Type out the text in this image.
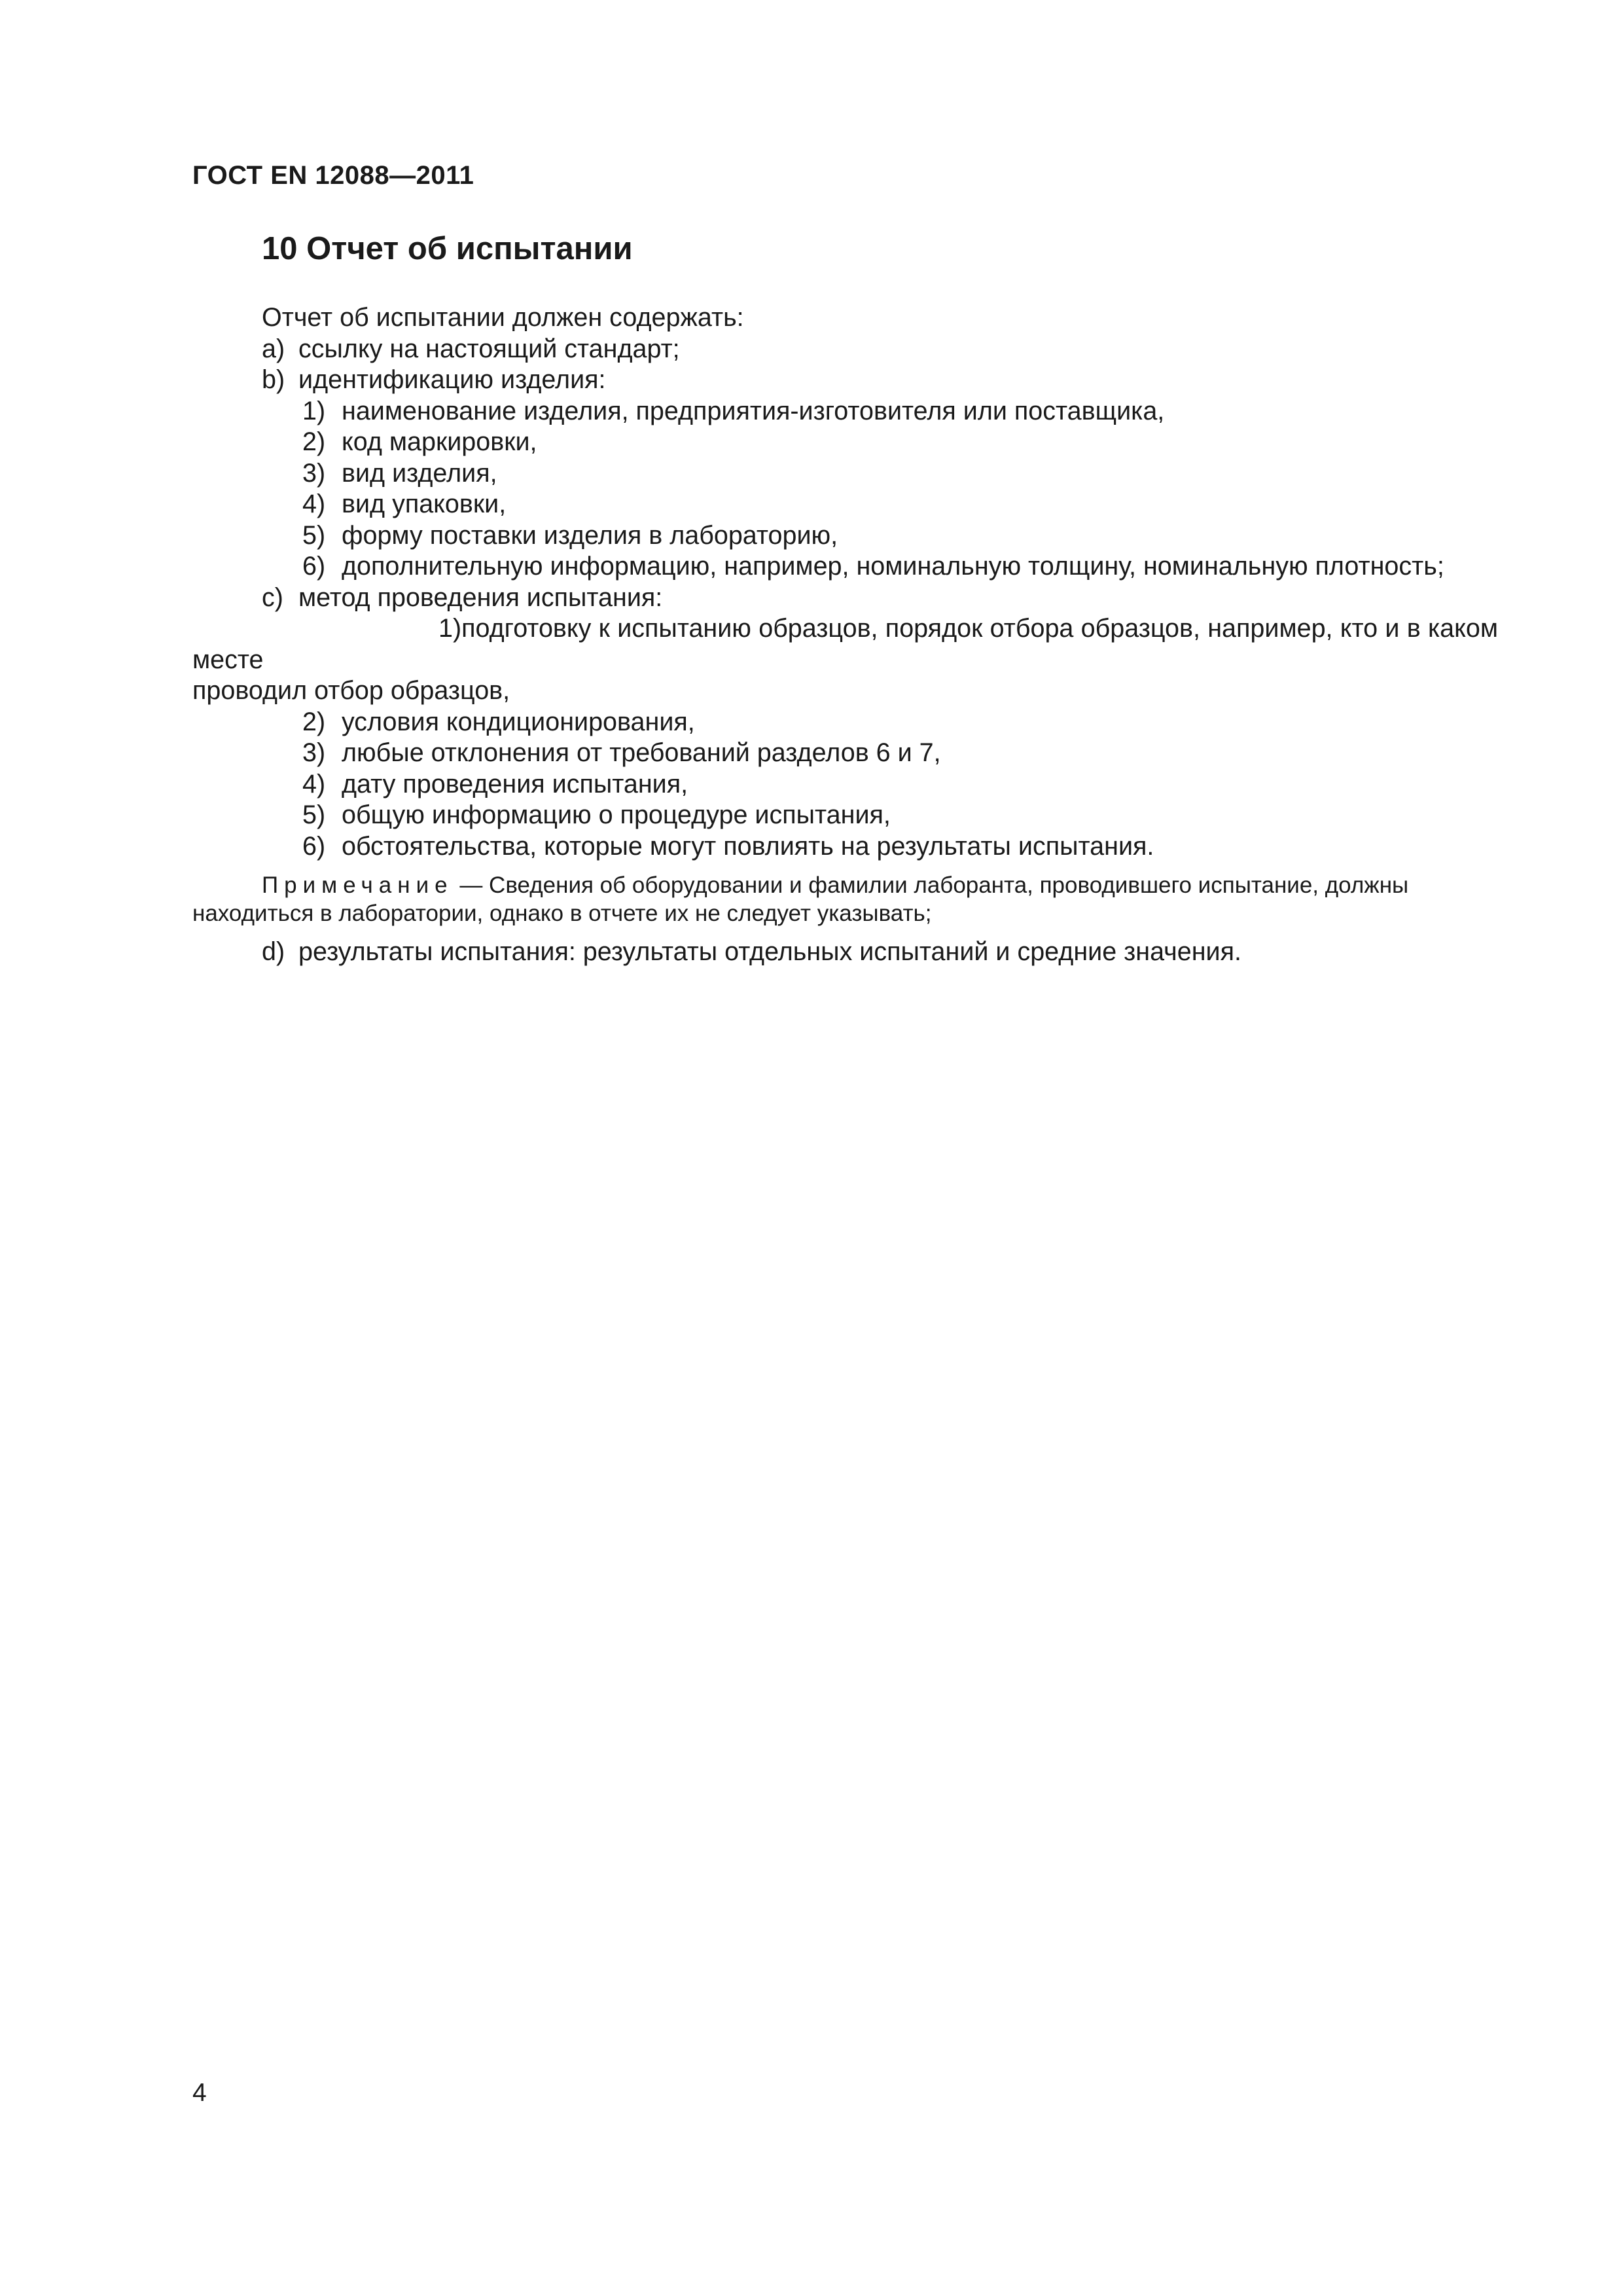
ГОСТ EN 12088—2011
10 Отчет об испытании
Отчет об испытании должен содержать:
a) ссылку на настоящий стандарт;
b) идентификацию изделия:
1) наименование изделия, предприятия-изготовителя или поставщика,
2) код маркировки,
3) вид изделия,
4) вид упаковки,
5) форму поставки изделия в лабораторию,
6) дополнительную информацию, например, номинальную толщину, номинальную плотность;
c) метод проведения испытания:
1)подготовку к испытанию образцов, порядок отбора образцов, например, кто и в каком месте
проводил отбор образцов,
2) условия кондиционирования,
3) любые отклонения от требований разделов 6 и 7,
4) дату проведения испытания,
5) общую информацию о процедуре испытания,
6) обстоятельства, которые могут повлиять на результаты испытания.
Примечание — Сведения об оборудовании и фамилии лаборанта, проводившего испытание, должны
находиться в лаборатории, однако в отчете их не следует указывать;
d) результаты испытания: результаты отдельных испытаний и средние значения.
4
